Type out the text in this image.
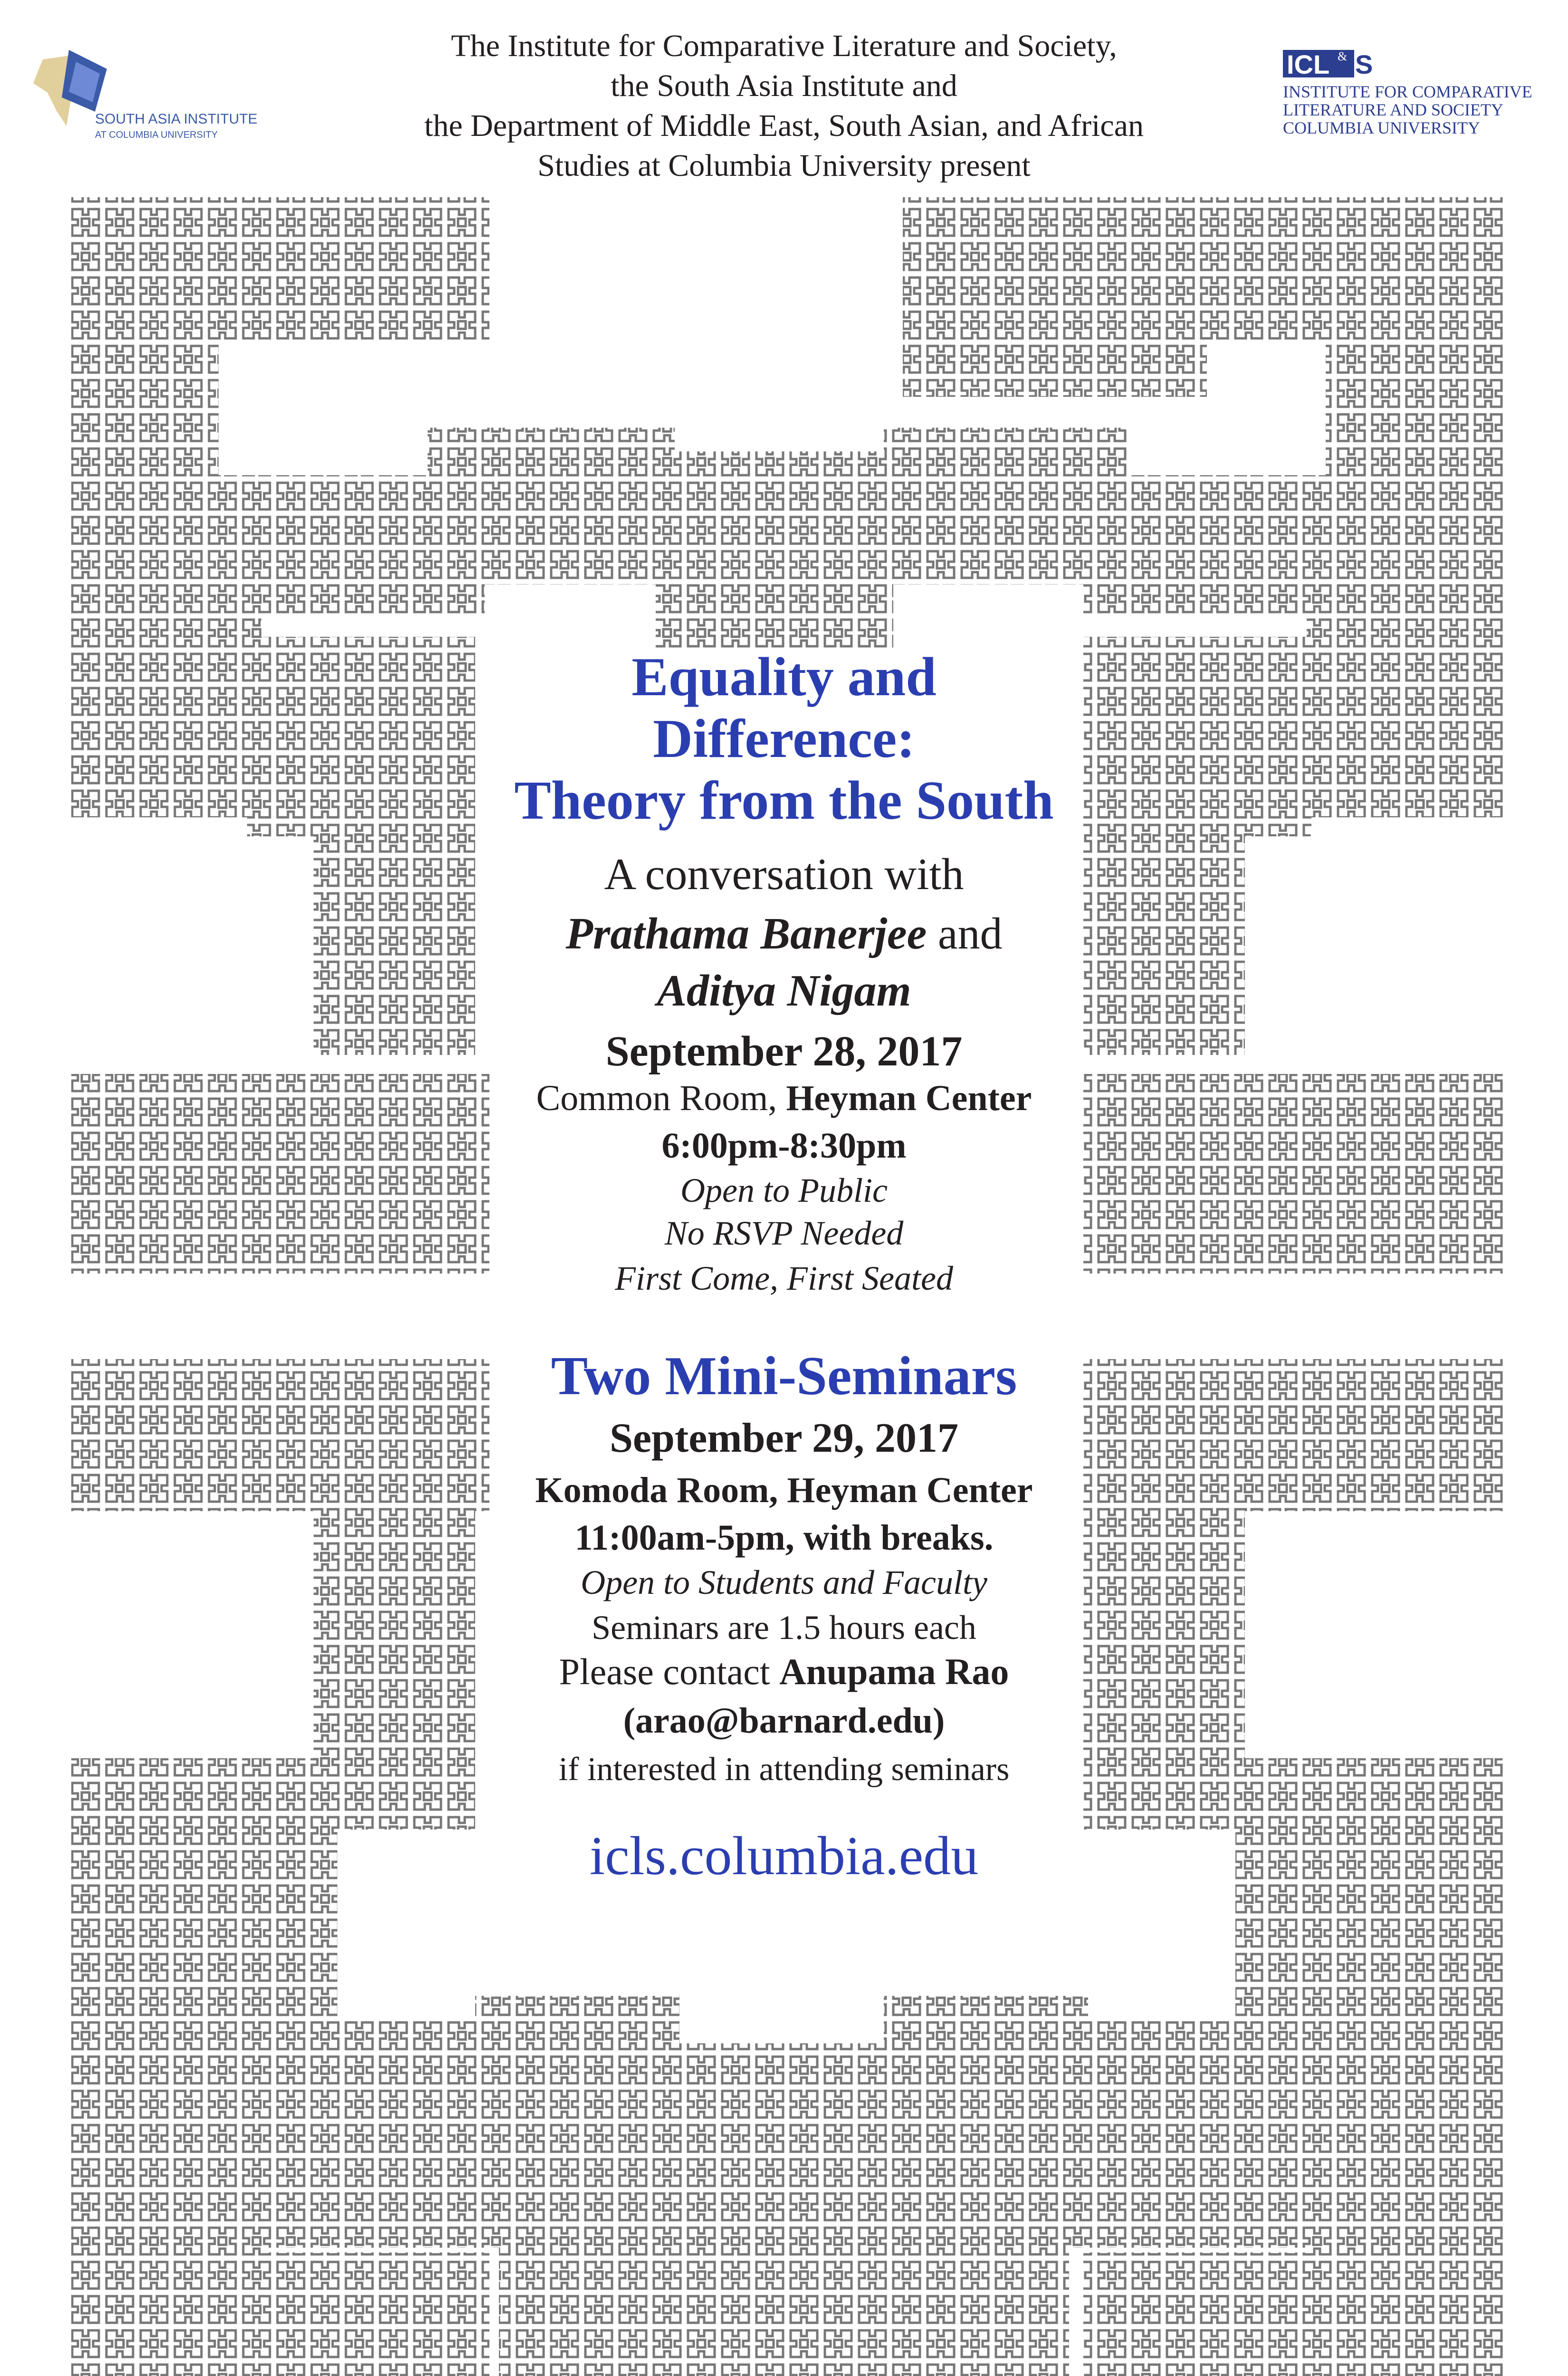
SOUTH ASIA INSTITUTE
AT COLUMBIA UNIVERSITY
ICL & S
INSTITUTE FOR COMPARATIVE
LITERATURE AND SOCIETY
COLUMBIA UNIVERSITY
The Institute for Comparative Literature and Society,
the South Asia Institute and
the Department of Middle East, South Asian, and African
Studies at Columbia University present
Equality and
Difference:
Theory from the South
A conversation with
Prathama Banerjee and
Aditya Nigam
September 28, 2017
Common Room, Heyman Center
6:00pm-8:30pm
Open to Public
No RSVP Needed
First Come, First Seated
Two Mini-Seminars
September 29, 2017
Komoda Room, Heyman Center
11:00am-5pm, with breaks.
Open to Students and Faculty
Seminars are 1.5 hours each
Please contact Anupama Rao
(arao@barnard.edu)
if interested in attending seminars
icls.columbia.edu
